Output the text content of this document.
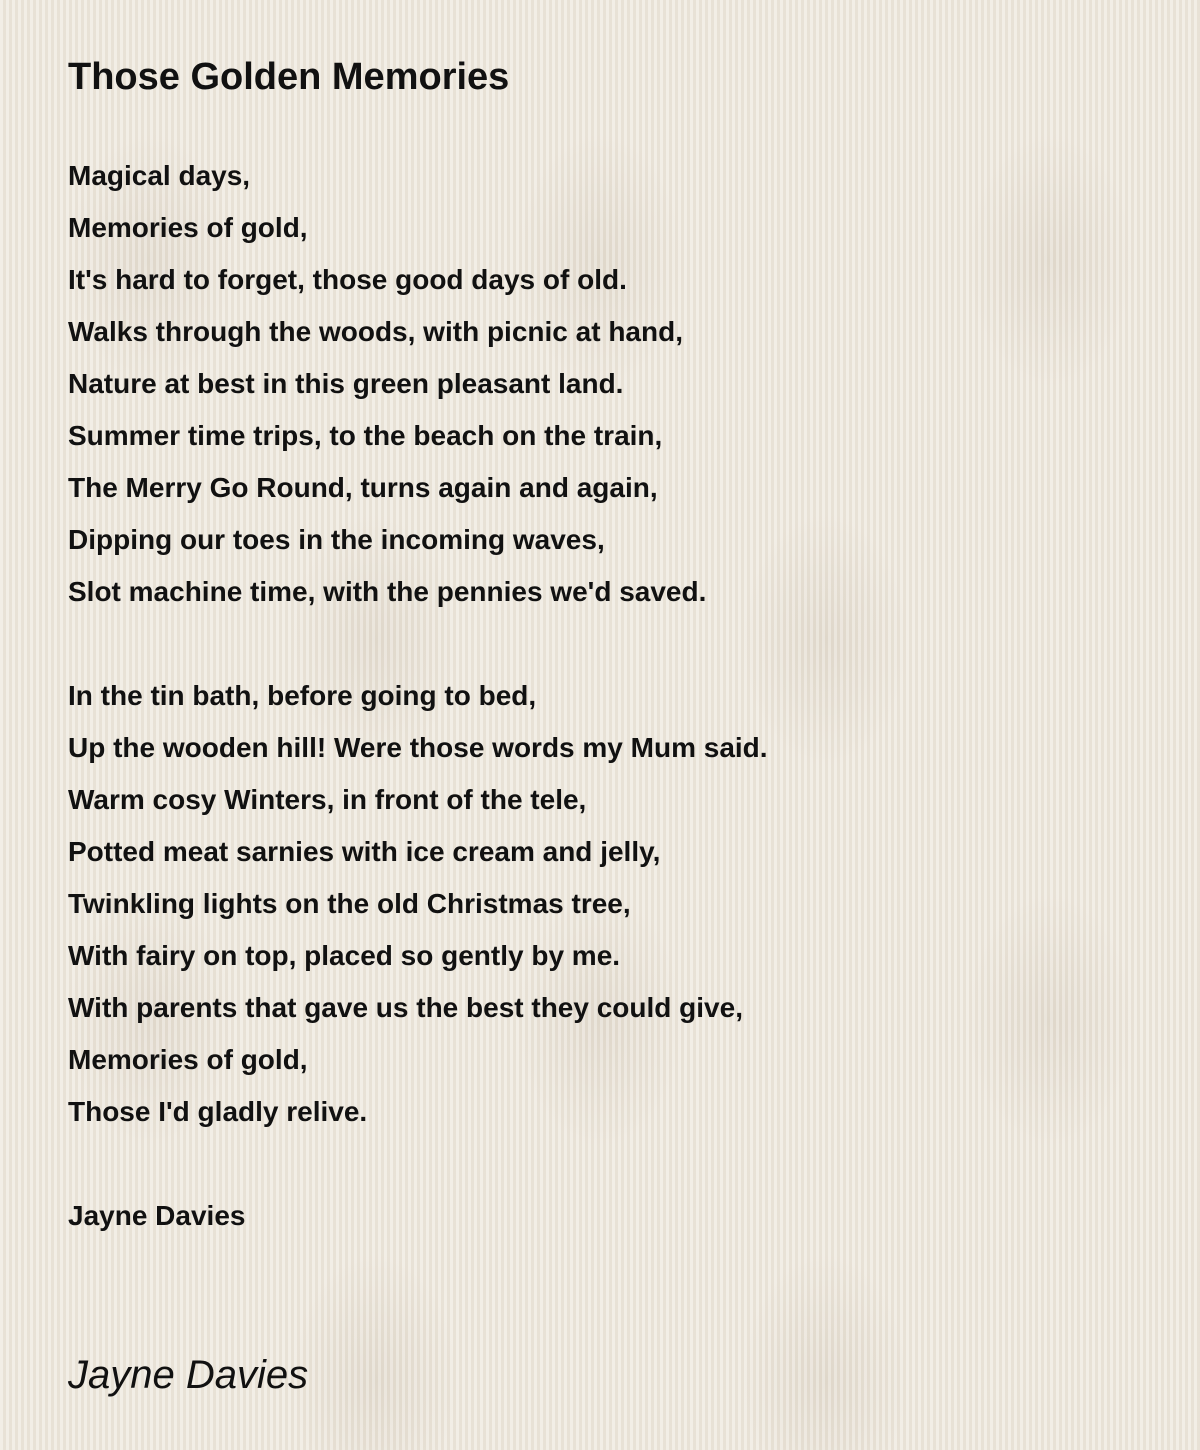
Those Golden Memories
Magical days,
Memories of gold,
It's hard to forget, those good days of old.
Walks through the woods, with picnic at hand,
Nature at best in this green pleasant land.
Summer time trips, to the beach on the train,
The Merry Go Round, turns again and again,
Dipping our toes in the incoming waves,
Slot machine time, with the pennies we'd saved.
In the tin bath, before going to bed,
Up the wooden hill! Were those words my Mum said.
Warm cosy Winters, in front of the tele,
Potted meat sarnies with ice cream and jelly,
Twinkling lights on the old Christmas tree,
With fairy on top, placed so gently by me.
With parents that gave us the best they could give,
Memories of gold,
Those I'd gladly relive.
Jayne Davies
Jayne Davies
